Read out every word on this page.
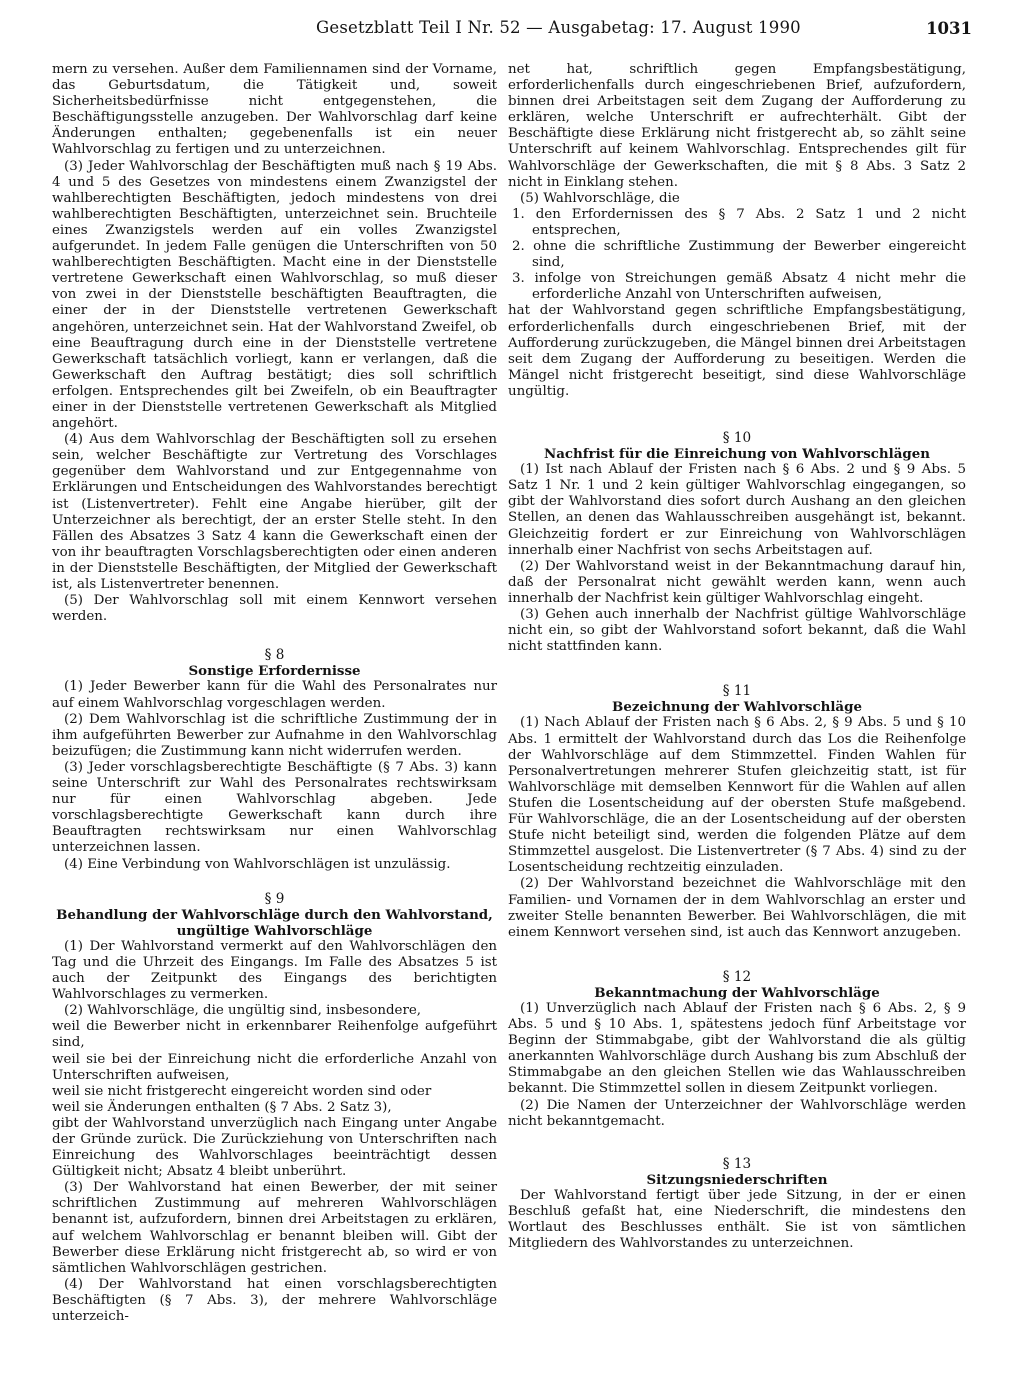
Gesetzblatt Teil I Nr. 52 — Ausgabetag: 17. August 1990	1031

mern zu versehen. Außer dem Familiennamen sind der Vorname, das Geburtsdatum, die Tätigkeit und, soweit Sicherheitsbedürfnisse nicht entgegenstehen, die Beschäftigungsstelle anzugeben. Der Wahlvorschlag darf keine Änderungen enthalten; gegebenenfalls ist ein neuer Wahlvorschlag zu fertigen und zu unterzeichnen.

(3) Jeder Wahlvorschlag der Beschäftigten muß nach § 19 Abs. 4 und 5 des Gesetzes von mindestens einem Zwanzigstel der wahlberechtigten Beschäftigten, jedoch mindestens von drei wahlberechtigten Beschäftigten, unterzeichnet sein. Bruchteile eines Zwanzigstels werden auf ein volles Zwanzigstel aufgerundet. In jedem Falle genügen die Unterschriften von 50 wahlberechtigten Beschäftigten. Macht eine in der Dienststelle vertretene Gewerkschaft einen Wahlvorschlag, so muß dieser von zwei in der Dienststelle beschäftigten Beauftragten, die einer der in der Dienststelle vertretenen Gewerkschaft angehören, unterzeichnet sein. Hat der Wahlvorstand Zweifel, ob eine Beauftragung durch eine in der Dienststelle vertretene Gewerkschaft tatsächlich vorliegt, kann er verlangen, daß die Gewerkschaft den Auftrag bestätigt; dies soll schriftlich erfolgen. Entsprechendes gilt bei Zweifeln, ob ein Beauftragter einer in der Dienststelle vertretenen Gewerkschaft als Mitglied angehört.

(4) Aus dem Wahlvorschlag der Beschäftigten soll zu ersehen sein, welcher Beschäftigte zur Vertretung des Vorschlages gegenüber dem Wahlvorstand und zur Entgegennahme von Erklärungen und Entscheidungen des Wahlvorstandes berechtigt ist (Listenvertreter). Fehlt eine Angabe hierüber, gilt der Unterzeichner als berechtigt, der an erster Stelle steht. In den Fällen des Absatzes 3 Satz 4 kann die Gewerkschaft einen der von ihr beauftragten Vorschlagsberechtigten oder einen anderen in der Dienststelle Beschäftigten, der Mitglied der Gewerkschaft ist, als Listenvertreter benennen.

(5) Der Wahlvorschlag soll mit einem Kennwort versehen werden.

§ 8
Sonstige Erfordernisse

(1) Jeder Bewerber kann für die Wahl des Personalrates nur auf einem Wahlvorschlag vorgeschlagen werden.

(2) Dem Wahlvorschlag ist die schriftliche Zustimmung der in ihm aufgeführten Bewerber zur Aufnahme in den Wahlvorschlag beizufügen; die Zustimmung kann nicht widerrufen werden.

(3) Jeder vorschlagsberechtigte Beschäftigte (§ 7 Abs. 3) kann seine Unterschrift zur Wahl des Personalrates rechtswirksam nur für einen Wahlvorschlag abgeben. Jede vorschlagsberechtigte Gewerkschaft kann durch ihre Beauftragten rechtswirksam nur einen Wahlvorschlag unterzeichnen lassen.

(4) Eine Verbindung von Wahlvorschlägen ist unzulässig.

§ 9
Behandlung der Wahlvorschläge durch den Wahlvorstand,
ungültige Wahlvorschläge

(1) Der Wahlvorstand vermerkt auf den Wahlvorschlägen den Tag und die Uhrzeit des Eingangs. Im Falle des Absatzes 5 ist auch der Zeitpunkt des Eingangs des berichtigten Wahlvorschlages zu vermerken.

(2) Wahlvorschläge, die ungültig sind, insbesondere,

weil die Bewerber nicht in erkennbarer Reihenfolge aufgeführt sind,

weil sie bei der Einreichung nicht die erforderliche Anzahl von Unterschriften aufweisen,

weil sie nicht fristgerecht eingereicht worden sind oder

weil sie Änderungen enthalten (§ 7 Abs. 2 Satz 3),

gibt der Wahlvorstand unverzüglich nach Eingang unter Angabe der Gründe zurück. Die Zurückziehung von Unterschriften nach Einreichung des Wahlvorschlages beeinträchtigt dessen Gültigkeit nicht; Absatz 4 bleibt unberührt.

(3) Der Wahlvorstand hat einen Bewerber, der mit seiner schriftlichen Zustimmung auf mehreren Wahlvorschlägen benannt ist, aufzufordern, binnen drei Arbeitstagen zu erklären, auf welchem Wahlvorschlag er benannt bleiben will. Gibt der Bewerber diese Erklärung nicht fristgerecht ab, so wird er von sämtlichen Wahlvorschlägen gestrichen.

(4) Der Wahlvorstand hat einen vorschlagsberechtigten Beschäftigten (§ 7 Abs. 3), der mehrere Wahlvorschläge unterzeich-

net hat, schriftlich gegen Empfangsbestätigung, erforderlichenfalls durch eingeschriebenen Brief, aufzufordern, binnen drei Arbeitstagen seit dem Zugang der Aufforderung zu erklären, welche Unterschrift er aufrechterhält. Gibt der Beschäftigte diese Erklärung nicht fristgerecht ab, so zählt seine Unterschrift auf keinem Wahlvorschlag. Entsprechendes gilt für Wahlvorschläge der Gewerkschaften, die mit § 8 Abs. 3 Satz 2 nicht in Einklang stehen.

(5) Wahlvorschläge, die

1. den Erfordernissen des § 7 Abs. 2 Satz 1 und 2 nicht entsprechen,

2. ohne die schriftliche Zustimmung der Bewerber eingereicht sind,

3. infolge von Streichungen gemäß Absatz 4 nicht mehr die erforderliche Anzahl von Unterschriften aufweisen,

hat der Wahlvorstand gegen schriftliche Empfangsbestätigung, erforderlichenfalls durch eingeschriebenen Brief, mit der Aufforderung zurückzugeben, die Mängel binnen drei Arbeitstagen seit dem Zugang der Aufforderung zu beseitigen. Werden die Mängel nicht fristgerecht beseitigt, sind diese Wahlvorschläge ungültig.

§ 10
Nachfrist für die Einreichung von Wahlvorschlägen

(1) Ist nach Ablauf der Fristen nach § 6 Abs. 2 und § 9 Abs. 5 Satz 1 Nr. 1 und 2 kein gültiger Wahlvorschlag eingegangen, so gibt der Wahlvorstand dies sofort durch Aushang an den gleichen Stellen, an denen das Wahlausschreiben ausgehängt ist, bekannt. Gleichzeitig fordert er zur Einreichung von Wahlvorschlägen innerhalb einer Nachfrist von sechs Arbeitstagen auf.

(2) Der Wahlvorstand weist in der Bekanntmachung darauf hin, daß der Personalrat nicht gewählt werden kann, wenn auch innerhalb der Nachfrist kein gültiger Wahlvorschlag eingeht.

(3) Gehen auch innerhalb der Nachfrist gültige Wahlvorschläge nicht ein, so gibt der Wahlvorstand sofort bekannt, daß die Wahl nicht stattfinden kann.

§ 11
Bezeichnung der Wahlvorschläge

(1) Nach Ablauf der Fristen nach § 6 Abs. 2, § 9 Abs. 5 und § 10 Abs. 1 ermittelt der Wahlvorstand durch das Los die Reihenfolge der Wahlvorschläge auf dem Stimmzettel. Finden Wahlen für Personalvertretungen mehrerer Stufen gleichzeitig statt, ist für Wahlvorschläge mit demselben Kennwort für die Wahlen auf allen Stufen die Losentscheidung auf der obersten Stufe maßgebend. Für Wahlvorschläge, die an der Losentscheidung auf der obersten Stufe nicht beteiligt sind, werden die folgenden Plätze auf dem Stimmzettel ausgelost. Die Listenvertreter (§ 7 Abs. 4) sind zu der Losentscheidung rechtzeitig einzuladen.

(2) Der Wahlvorstand bezeichnet die Wahlvorschläge mit den Familien- und Vornamen der in dem Wahlvorschlag an erster und zweiter Stelle benannten Bewerber. Bei Wahlvorschlägen, die mit einem Kennwort versehen sind, ist auch das Kennwort anzugeben.

§ 12
Bekanntmachung der Wahlvorschläge

(1) Unverzüglich nach Ablauf der Fristen nach § 6 Abs. 2, § 9 Abs. 5 und § 10 Abs. 1, spätestens jedoch fünf Arbeitstage vor Beginn der Stimmabgabe, gibt der Wahlvorstand die als gültig anerkannten Wahlvorschläge durch Aushang bis zum Abschluß der Stimmabgabe an den gleichen Stellen wie das Wahlausschreiben bekannt. Die Stimmzettel sollen in diesem Zeitpunkt vorliegen.

(2) Die Namen der Unterzeichner der Wahlvorschläge werden nicht bekanntgemacht.

§ 13
Sitzungsniederschriften

Der Wahlvorstand fertigt über jede Sitzung, in der er einen Beschluß gefaßt hat, eine Niederschrift, die mindestens den Wortlaut des Beschlusses enthält. Sie ist von sämtlichen Mitgliedern des Wahlvorstandes zu unterzeichnen.
